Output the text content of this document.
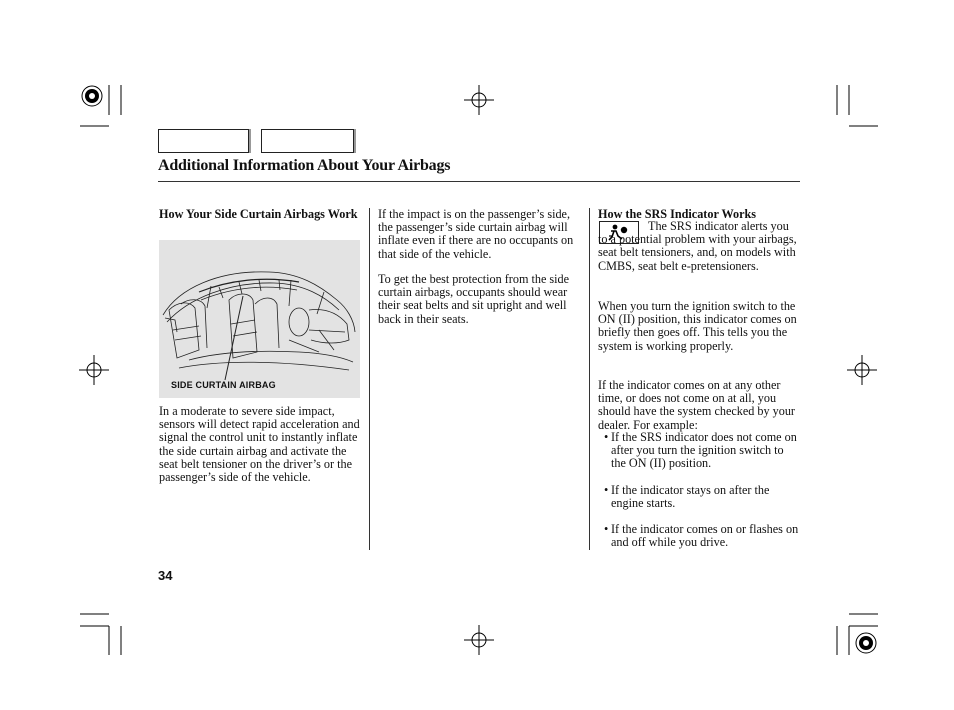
Additional Information About Your Airbags
How Your Side Curtain Airbags Work
SIDE CURTAIN AIRBAG
In a moderate to severe side impact, sensors will detect rapid acceleration and signal the control unit to instantly inflate the side curtain airbag and activate the seat belt tensioner on the driver’s or the passenger’s side of the vehicle.
If the impact is on the passenger’s side, the passenger’s side curtain airbag will inflate even if there are no occupants on that side of the vehicle.
To get the best protection from the side curtain airbags, occupants should wear their seat belts and sit upright and well back in their seats.
How the SRS Indicator Works
The SRS indicator alerts you to a potential problem with your airbags, seat belt tensioners, and, on models with CMBS, seat belt e-pretensioners.
When you turn the ignition switch to the ON (II) position, this indicator comes on briefly then goes off. This tells you the system is working properly.
If the indicator comes on at any other time, or does not come on at all, you should have the system checked by your dealer. For example:
• If the SRS indicator does not come on after you turn the ignition switch to the ON (II) position.
• If the indicator stays on after the engine starts.
• If the indicator comes on or flashes on and off while you drive.
34
